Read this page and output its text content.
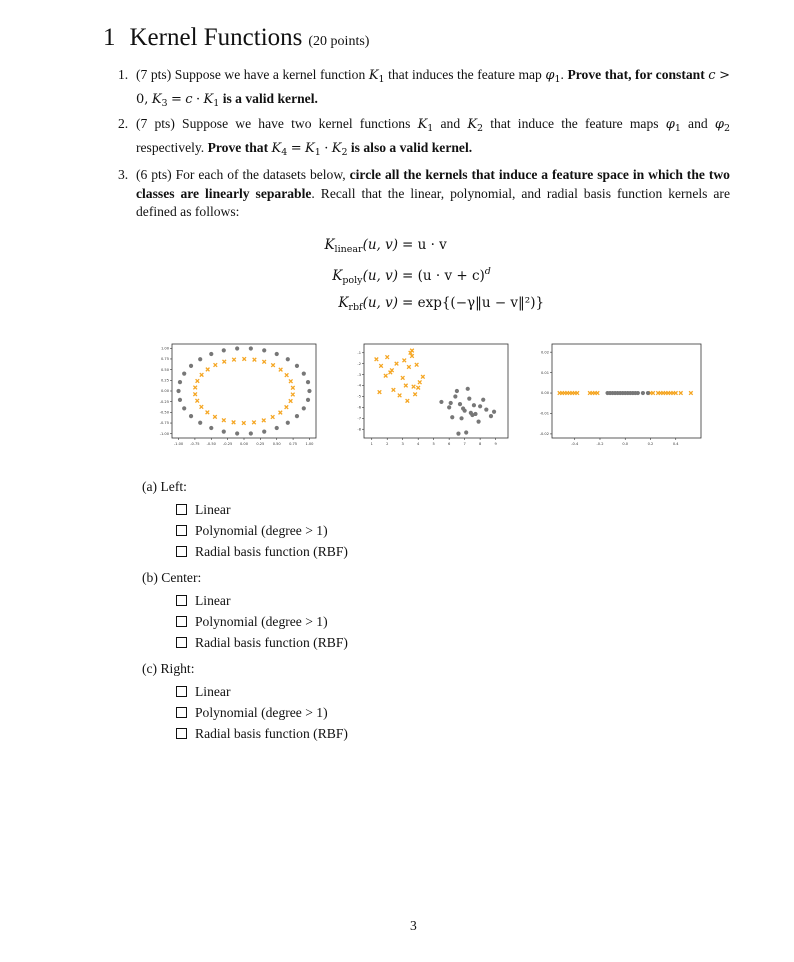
1 Kernel Functions (20 points)
1. (7 pts) Suppose we have a kernel function $K_1$ that induces the feature map $\varphi_1$. Prove that, for constant c > 0, $K_3 = c \cdot K_1$ is a valid kernel.
2. (7 pts) Suppose we have two kernel functions $K_1$ and $K_2$ that induce the feature maps $\varphi_1$ and $\varphi_2$ respectively. Prove that $K_4 = K_1 \cdot K_2$ is also a valid kernel.
3. (6 pts) For each of the datasets below, circle all the kernels that induce a feature space in which the two classes are linearly separable. Recall that the linear, polynomial, and radial basis function kernels are defined as follows:
$K_{linear}(u$, v) = u · v
$K_{poly}(u$, $v) = (u \cdot v + c)^d$
$K_{rbf}(u$, v) = exp{(−γ‖u − v‖²)}
-1.00 -0.75 -0.50 -0.25 0.00 0.25 0.50 0.75 1.00
1.00
0.75
0.50
0.25
0.00
-0.25
-0.50
-0.75
-1.00
1	2	3	4	5	6	7	8	9
-1
-2
-3
-4
-5
-6
-7
-8
-0.4	-0.2	0.0	0.2	0.4
0.02
0.01
0.00
-0.01
-0.02
(a) Left:
Linear
Polynomial (degree > 1)
Radial basis function (RBF)
(b) Center:
Linear
Polynomial (degree > 1)
Radial basis function (RBF)
(c) Right:
Linear
Polynomial (degree > 1)
Radial basis function (RBF)
3
